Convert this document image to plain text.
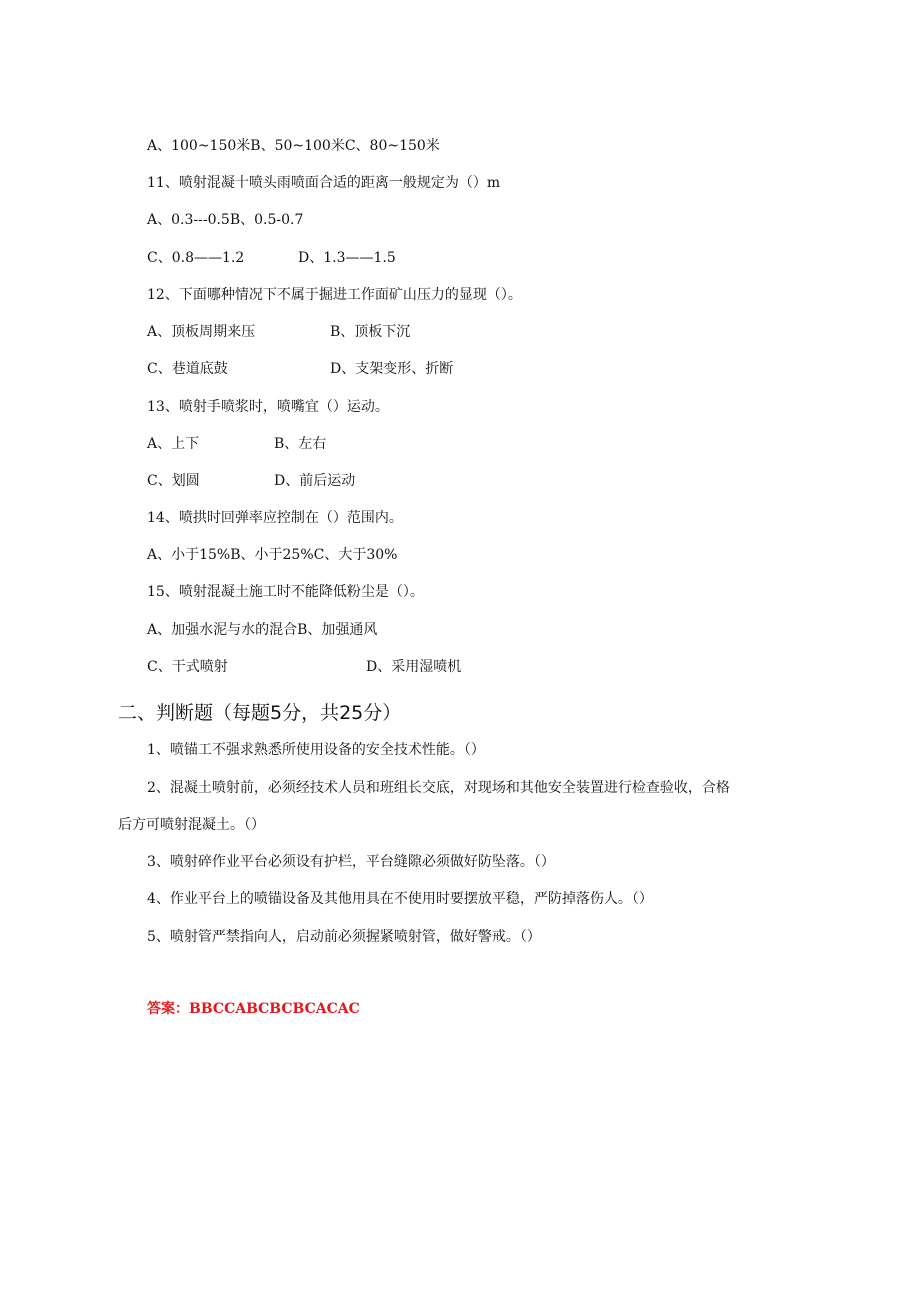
A、100~150米B、50~100米C、80~150米
11、喷射混凝十喷头雨喷面合适的距离一般规定为（）m
A、0.3---0.5B、0.5-0.7
C、0.8——1.2	D、1.3——1.5
12、下面哪种情况下不属于掘进工作面矿山压力的显现（）。
A、顶板周期来压	B、顶板下沉
C、巷道底鼓	D、支架变形、折断
13、喷射手喷浆时，喷嘴宜（）运动。
A、上下	B、左右
C、划圆	D、前后运动
14、喷拱时回弹率应控制在（）范围内。
A、小于15%B、小于25%C、大于30%
15、喷射混凝土施工时不能降低粉尘是（）。
A、加强水泥与水的混合B、加强通风
C、干式喷射	D、采用湿喷机
二、判断题（每题5分，共25分）
1、喷锚工不强求熟悉所使用设备的安全技术性能。（）
2、混凝土喷射前，必须经技术人员和班组长交底，对现场和其他安全装置进行检查验收，合格
后方可喷射混凝土。（）
3、喷射碎作业平台必须设有护栏，平台缝隙必须做好防坠落。（）
4、作业平台上的喷锚设备及其他用具在不使用时要摆放平稳，严防掉落伤人。（）
5、喷射管严禁指向人，启动前必须握紧喷射管，做好警戒。（）
答案：BBCCABCBCBCACAC
